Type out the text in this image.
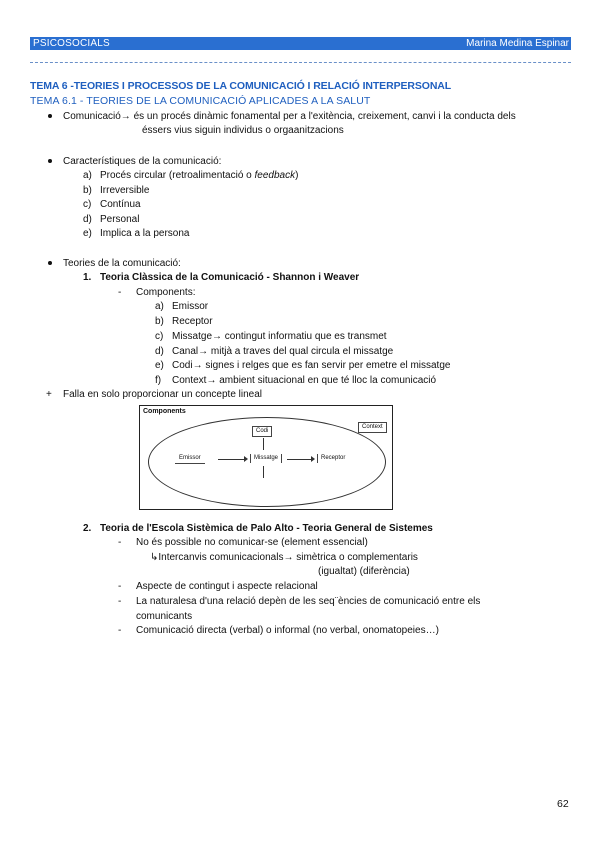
PSICOSOCIALS	Marina Medina Espinar
TEMA 6 -TEORIES I PROCESSOS DE LA COMUNICACIÓ I RELACIÓ INTERPERSONAL
TEMA 6.1 - TEORIES DE LA COMUNICACIÓ APLICADES A LA SALUT
Comunicació→ és un procés dinàmic fonamental per a l'exitència, creixement, canvi i la conducta dels
éssers vius siguin individus o orgaanitzacions
Característiques de la comunicació:
a) Procés circular (retroalimentació o feedback)
b) Irreversible
c) Contínua
d) Personal
e) Implica a la persona
Teories de la comunicació:
1. Teoria Clàssica de la Comunicació - Shannon i Weaver
- Components:
a) Emissor
b) Receptor
c) Missatge→ contingut informatiu que es transmet
d) Canal→ mitjà a traves del qual circula el missatge
e) Codi→ signes i relges que es fan servir per emetre el missatge
f) Context→ ambient situacional en que té lloc la comunicació
+ Falla en solo proporcionar un concepte lineal
Components
Context
Codi
Emissor	Missatge	Receptor
2. Teoria de l'Escola Sistèmica de Palo Alto - Teoria General de Sistemes
- No és possible no comunicar-se (element essencial)
↳Intercanvis comunicacionals→ simètrica o complementaris
(igualtat) (diferència)
- Aspecte de contingut i aspecte relacional
- La naturalesa d'una relació depèn de les seq¨ències de comunicació entre els
comunicants
- Comunicació directa (verbal) o informal (no verbal, onomatopeies…)
62
